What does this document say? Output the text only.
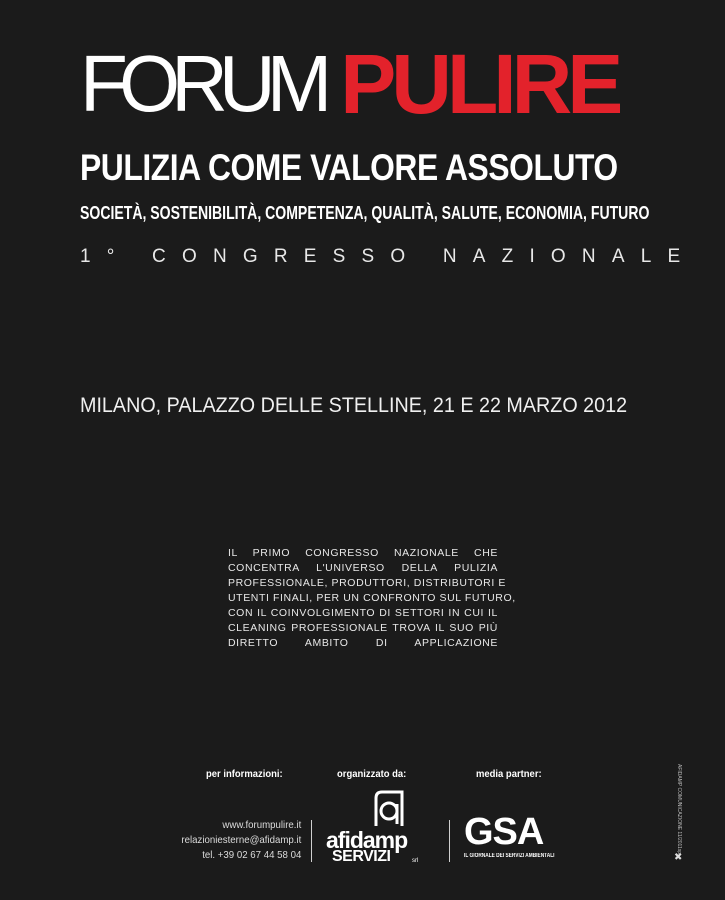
FORUM PULIRE
PULIZIA COME VALORE ASSOLUTO
SOCIETÀ, SOSTENIBILITÀ, COMPETENZA, QUALITÀ, SALUTE, ECONOMIA, FUTURO
1° CONGRESSO NAZIONALE
MILANO, PALAZZO DELLE STELLINE, 21 E 22 MARZO 2012
IL PRIMO CONGRESSO NAZIONALE CHE
CONCENTRA L'UNIVERSO DELLA PULIZIA
PROFESSIONALE, PRODUTTORI, DISTRIBUTORI E
UTENTI FINALI, PER UN CONFRONTO SUL FUTURO,
CON IL COINVOLGIMENTO DI SETTORI IN CUI IL
CLEANING PROFESSIONALE TROVA IL SUO PIÙ
DIRETTO AMBITO DI APPLICAZIONE
per informazioni:	organizzato da:	media partner:
www.forumpulire.it
relazioniesterne@afidamp.it
tel. +39 02 67 44 58 04
afidamp
SERVIZI	srl
GSA
IL GIORNALE DEI SERVIZI AMBIENTALI
AFIDAMP COMUNICAZIONE 11/2011sp
✖
